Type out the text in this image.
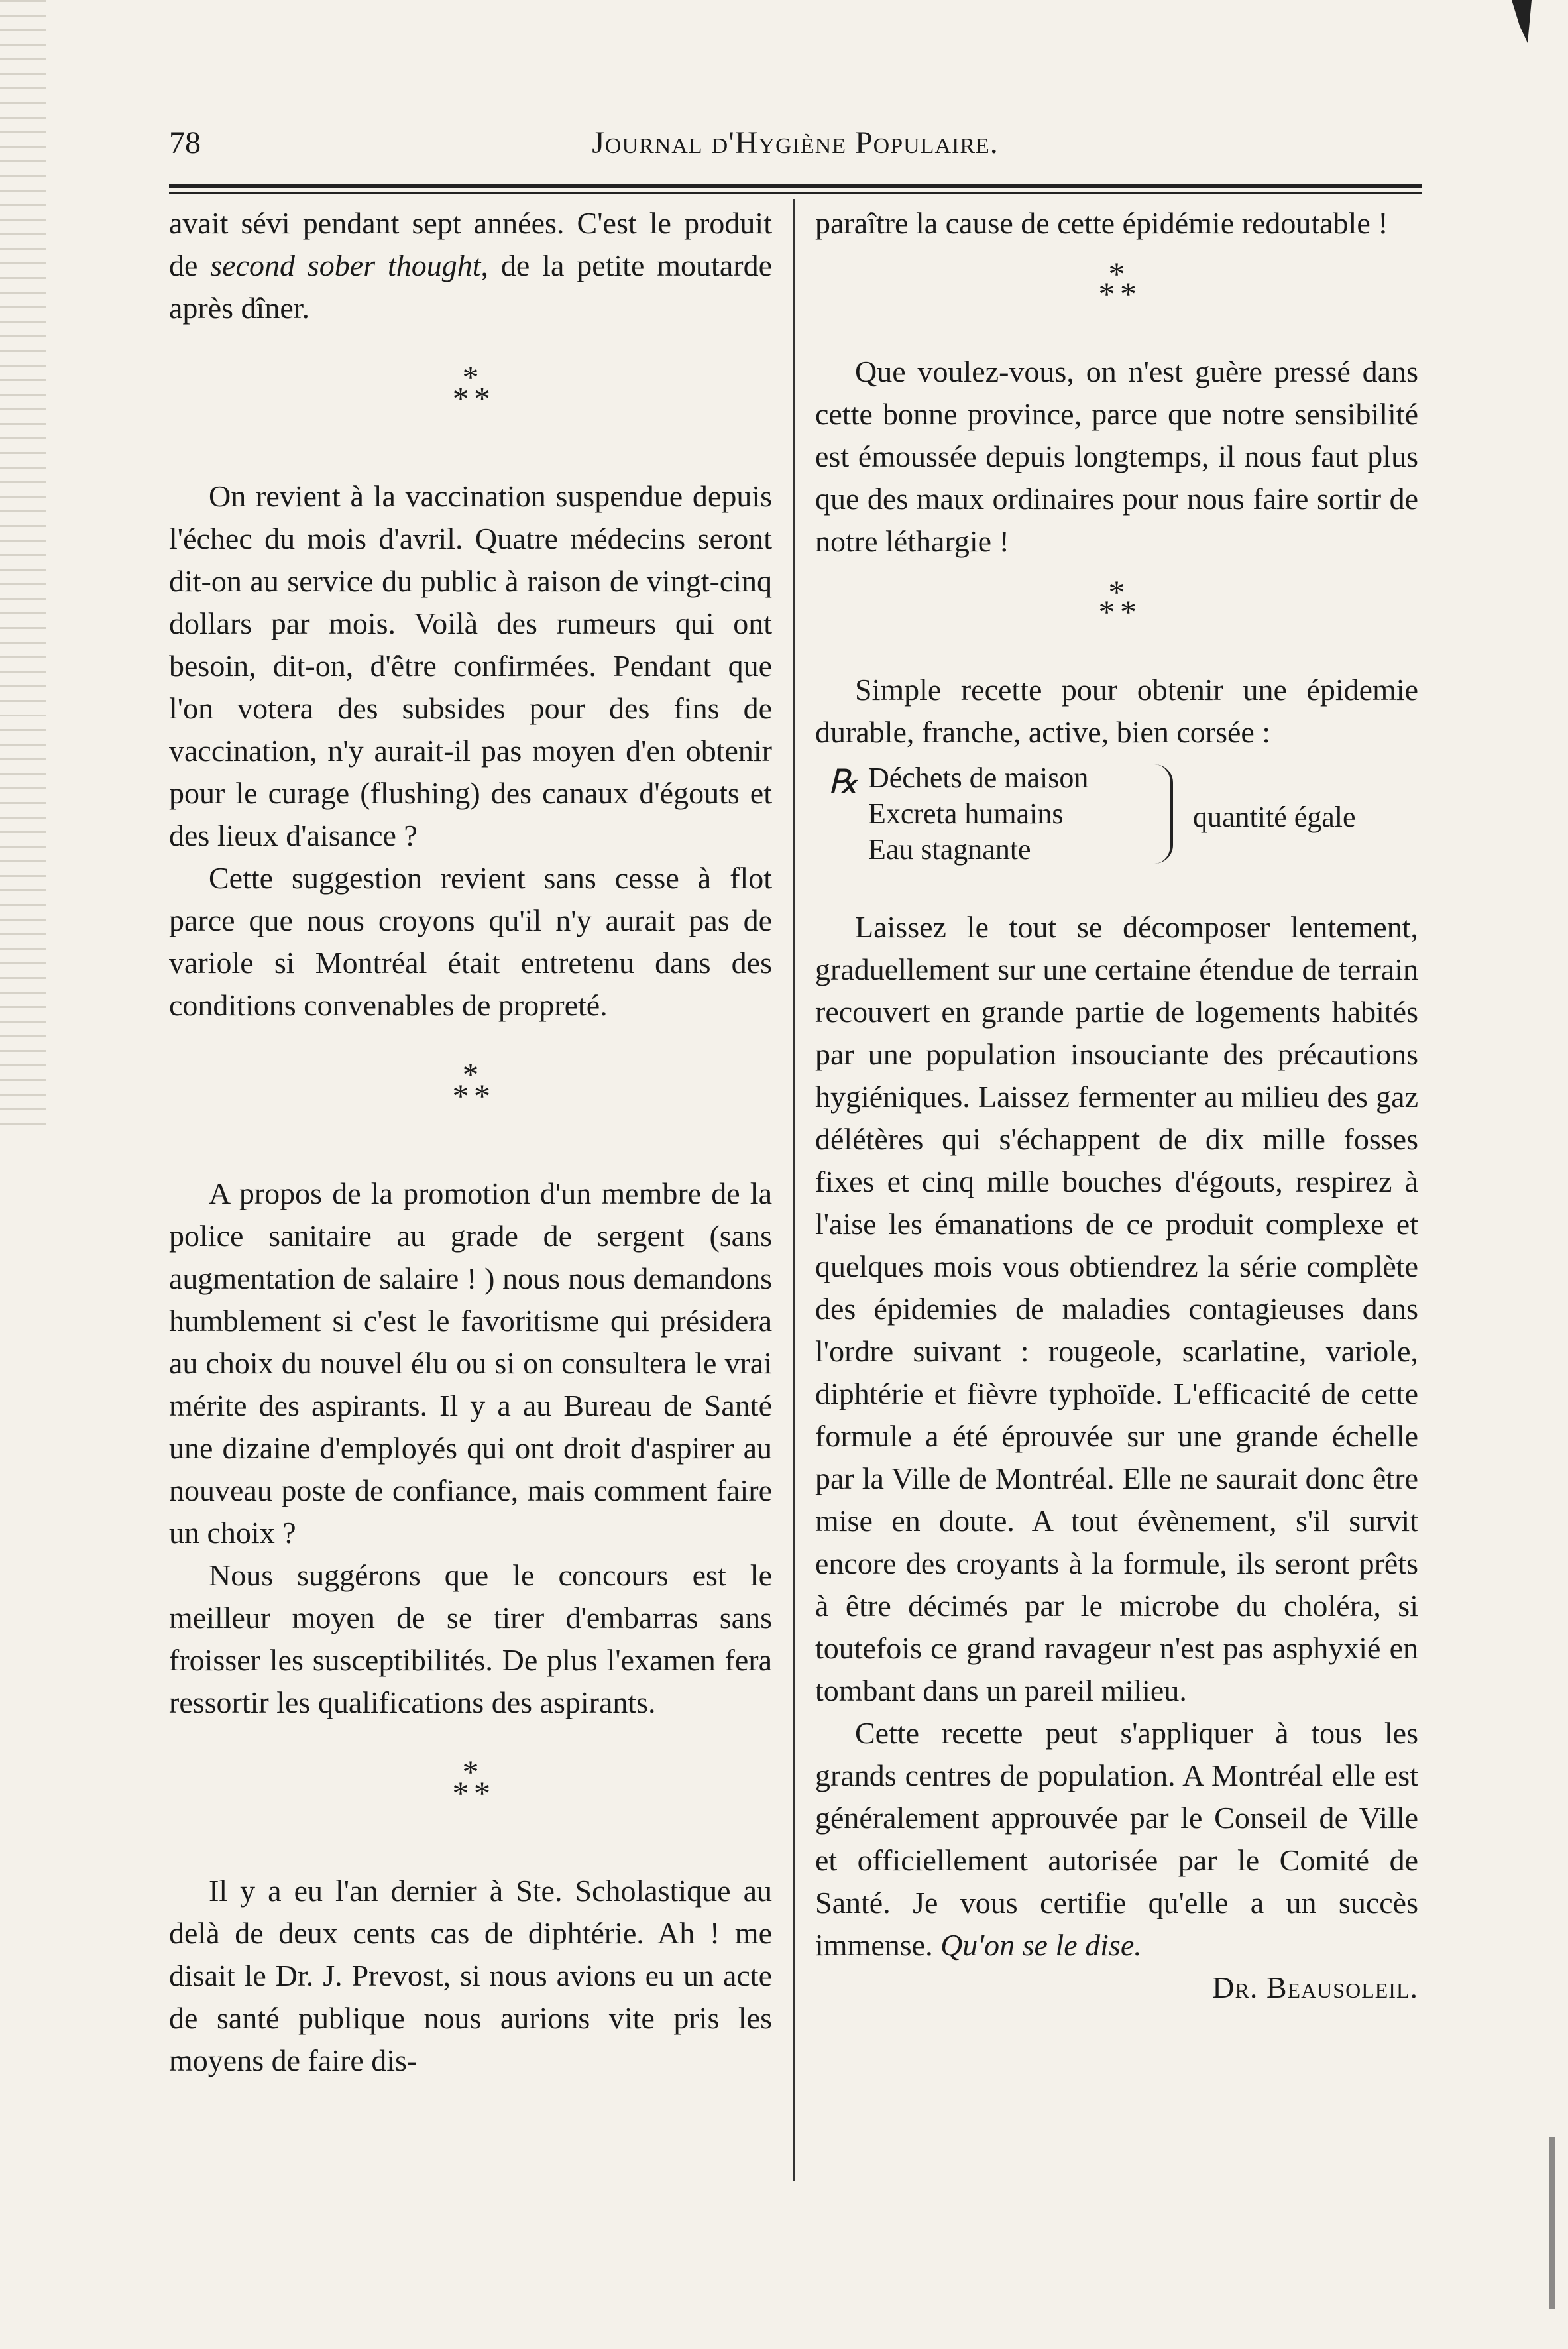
78	Journal d'Hygiène Populaire.

avait sévi pendant sept années. C'est le produit de second sober thought, de la petite moutarde après dîner.

*
* *

On revient à la vaccination suspendue depuis l'échec du mois d'avril. Quatre médecins seront dit-on au service du public à raison de vingt-cinq dollars par mois. Voilà des rumeurs qui ont besoin, dit-on, d'être confirmées. Pendant que l'on votera des subsides pour des fins de vaccination, n'y aurait-il pas moyen d'en obtenir pour le curage (flushing) des canaux d'égouts et des lieux d'aisance ?

Cette suggestion revient sans cesse à flot parce que nous croyons qu'il n'y aurait pas de variole si Montréal était entretenu dans des conditions convenables de propreté.

*
* *

A propos de la promotion d'un membre de la police sanitaire au grade de sergent (sans augmentation de salaire ! ) nous nous demandons humblement si c'est le favoritisme qui présidera au choix du nouvel élu ou si on consultera le vrai mérite des aspirants. Il y a au Bureau de Santé une dizaine d'employés qui ont droit d'aspirer au nouveau poste de confiance, mais comment faire un choix ?

Nous suggérons que le concours est le meilleur moyen de se tirer d'embarras sans froisser les susceptibilités. De plus l'examen fera ressortir les qualifications des aspirants.

*
* *

Il y a eu l'an dernier à Ste. Scholastique au delà de deux cents cas de diphtérie. Ah ! me disait le Dr. J. Prevost, si nous avions eu un acte de santé publique nous aurions vite pris les moyens de faire dis-

paraître la cause de cette épidémie redoutable !

*
* *

Que voulez-vous, on n'est guère pressé dans cette bonne province, parce que notre sensibilité est émoussée depuis longtemps, il nous faut plus que des maux ordinaires pour nous faire sortir de notre léthargie !

*
* *

Simple recette pour obtenir une épidemie durable, franche, active, bien corsée :

℞ Déchets de maison
Excreta humains
Eau stagnante
quantité égale

Laissez le tout se décomposer lentement, graduellement sur une certaine étendue de terrain recouvert en grande partie de logements habités par une population insouciante des précautions hygiéniques. Laissez fermenter au milieu des gaz délétères qui s'échappent de dix mille fosses fixes et cinq mille bouches d'égouts, respirez à l'aise les émanations de ce produit complexe et quelques mois vous obtiendrez la série complète des épidemies de maladies contagieuses dans l'ordre suivant : rougeole, scarlatine, variole, diphtérie et fièvre typhoïde. L'efficacité de cette formule a été éprouvée sur une grande échelle par la Ville de Montréal. Elle ne saurait donc être mise en doute. A tout évènement, s'il survit encore des croyants à la formule, ils seront prêts à être décimés par le microbe du choléra, si toutefois ce grand ravageur n'est pas asphyxié en tombant dans un pareil milieu.

Cette recette peut s'appliquer à tous les grands centres de population. A Montréal elle est généralement approuvée par le Conseil de Ville et officiellement autorisée par le Comité de Santé. Je vous certifie qu'elle a un succès immense. Qu'on se le dise.

Dr. Beausoleil.
